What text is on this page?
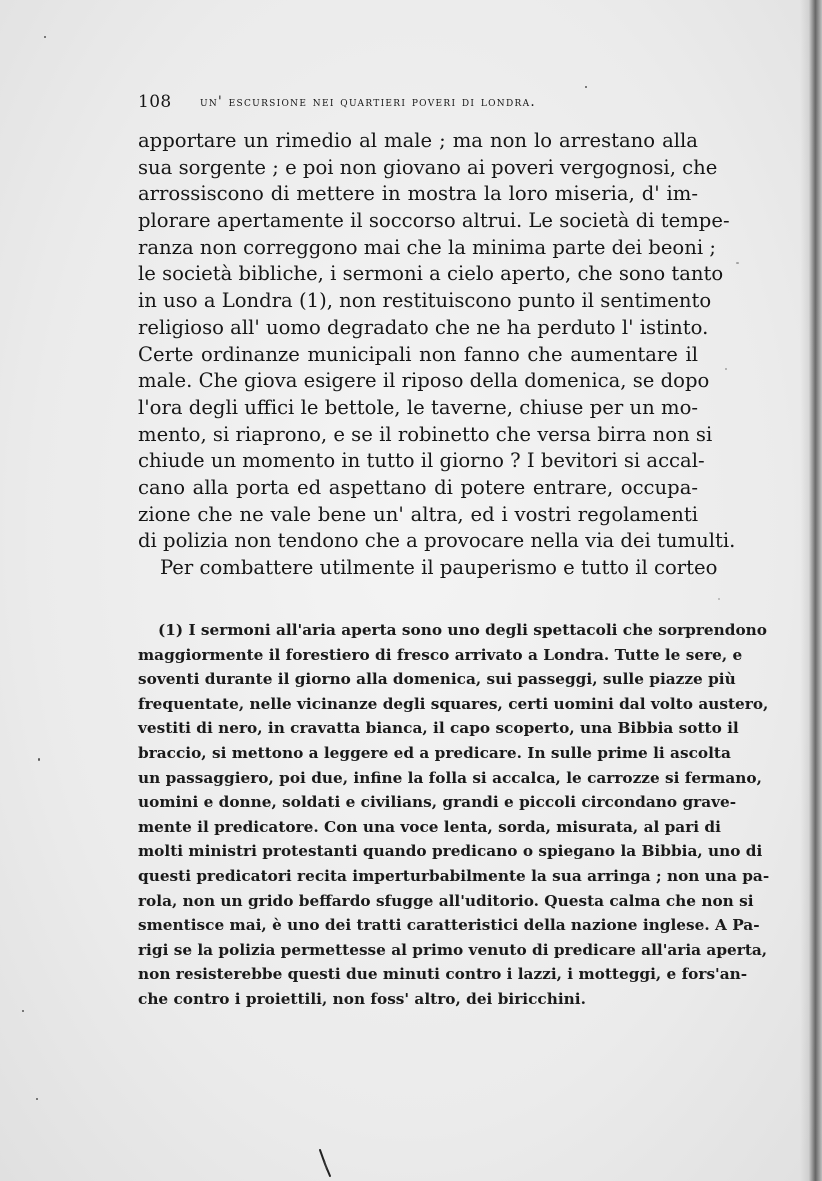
108 un' escursione nei quartieri poveri di londra.
apportare un rimedio al male ; ma non lo arrestano alla
sua sorgente ; e poi non giovano ai poveri vergognosi, che
arrossiscono di mettere in mostra la loro miseria, d' im-
plorare apertamente il soccorso altrui. Le società di tempe-
ranza non correggono mai che la minima parte dei beoni ;
le società bibliche, i sermoni a cielo aperto, che sono tanto
in uso a Londra (1), non restituiscono punto il sentimento
religioso all' uomo degradato che ne ha perduto l' istinto.
Certe ordinanze municipali non fanno che aumentare il
male. Che giova esigere il riposo della domenica, se dopo
l'ora degli uffici le bettole, le taverne, chiuse per un mo-
mento, si riaprono, e se il robinetto che versa birra non si
chiude un momento in tutto il giorno ? I bevitori si accal-
cano alla porta ed aspettano di potere entrare, occupa-
zione che ne vale bene un' altra, ed i vostri regolamenti
di polizia non tendono che a provocare nella via dei tumulti.
Per combattere utilmente il pauperismo e tutto il corteo
(1) I sermoni all'aria aperta sono uno degli spettacoli che sorprendono
maggiormente il forestiero di fresco arrivato a Londra. Tutte le sere, e
soventi durante il giorno alla domenica, sui passeggi, sulle piazze più
frequentate, nelle vicinanze degli squares, certi uomini dal volto austero,
vestiti di nero, in cravatta bianca, il capo scoperto, una Bibbia sotto il
braccio, si mettono a leggere ed a predicare. In sulle prime li ascolta
un passaggiero, poi due, infine la folla si accalca, le carrozze si fermano,
uomini e donne, soldati e civilians, grandi e piccoli circondano grave-
mente il predicatore. Con una voce lenta, sorda, misurata, al pari di
molti ministri protestanti quando predicano o spiegano la Bibbia, uno di
questi predicatori recita imperturbabilmente la sua arringa ; non una pa-
rola, non un grido beffardo sfugge all'uditorio. Questa calma che non si
smentisce mai, è uno dei tratti caratteristici della nazione inglese. A Pa-
rigi se la polizia permettesse al primo venuto di predicare all'aria aperta,
non resisterebbe questi due minuti contro i lazzi, i motteggi, e fors'an-
che contro i proiettili, non foss' altro, dei biricchini.
